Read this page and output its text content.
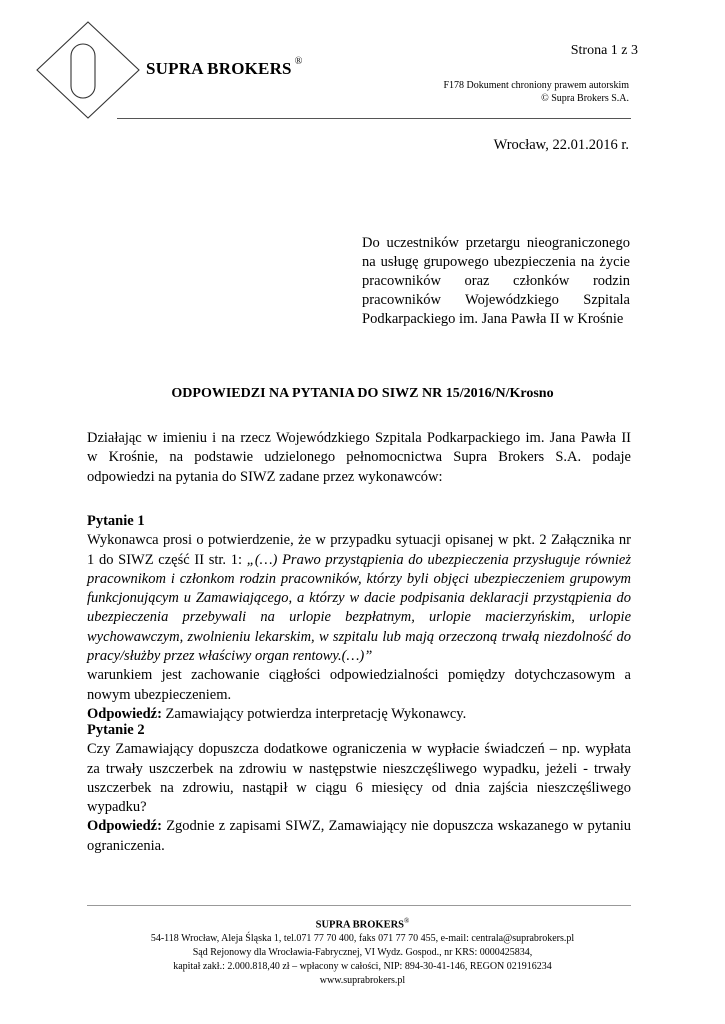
SUPRA BROKERS ®
Strona 1 z 3
F178 Dokument chroniony prawem autorskim
© Supra Brokers S.A.
Wrocław, 22.01.2016 r.
Do uczestników przetargu nieograniczonego
na usługę grupowego ubezpieczenia na życie
pracowników oraz członków rodzin
pracowników Wojewódzkiego Szpitala
Podkarpackiego im. Jana Pawła II w Krośnie
ODPOWIEDZI NA PYTANIA DO SIWZ NR 15/2016/N/Krosno
Działając w imieniu i na rzecz Wojewódzkiego Szpitala Podkarpackiego im. Jana Pawła II
w Krośnie, na podstawie udzielonego pełnomocnictwa Supra Brokers S.A. podaje
odpowiedzi na pytania do SIWZ zadane przez wykonawców:
Pytanie 1
Wykonawca prosi o potwierdzenie, że w przypadku sytuacji opisanej w pkt. 2 Załącznika nr
1 do SIWZ część II str. 1: „(…) Prawo przystąpienia do ubezpieczenia przysługuje również
pracownikom i członkom rodzin pracowników, którzy byli objęci ubezpieczeniem grupowym
funkcjonującym u Zamawiającego, a którzy w dacie podpisania deklaracji przystąpienia do
ubezpieczenia przebywali na urlopie bezpłatnym, urlopie macierzyńskim, urlopie
wychowawczym, zwolnieniu lekarskim, w szpitalu lub mają orzeczoną trwałą niezdolność do
pracy/służby przez właściwy organ rentowy.(…)”
warunkiem jest zachowanie ciągłości odpowiedzialności pomiędzy dotychczasowym a
nowym ubezpieczeniem.
Odpowiedź: Zamawiający potwierdza interpretację Wykonawcy.
Pytanie 2
Czy Zamawiający dopuszcza dodatkowe ograniczenia w wypłacie świadczeń – np. wypłata
za trwały uszczerbek na zdrowiu w następstwie nieszczęśliwego wypadku, jeżeli - trwały
uszczerbek na zdrowiu, nastąpił w ciągu 6 miesięcy od dnia zajścia nieszczęśliwego
wypadku?
Odpowiedź: Zgodnie z zapisami SIWZ, Zamawiający nie dopuszcza wskazanego w pytaniu
ograniczenia.
SUPRA BROKERS®
54-118 Wrocław, Aleja Śląska 1, tel.071 77 70 400, faks 071 77 70 455, e-mail: centrala@suprabrokers.pl
Sąd Rejonowy dla Wrocławia-Fabrycznej, VI Wydz. Gospod., nr KRS: 0000425834,
kapitał zakł.: 2.000.818,40 zł – wpłacony w całości, NIP: 894-30-41-146, REGON 021916234
www.suprabrokers.pl
